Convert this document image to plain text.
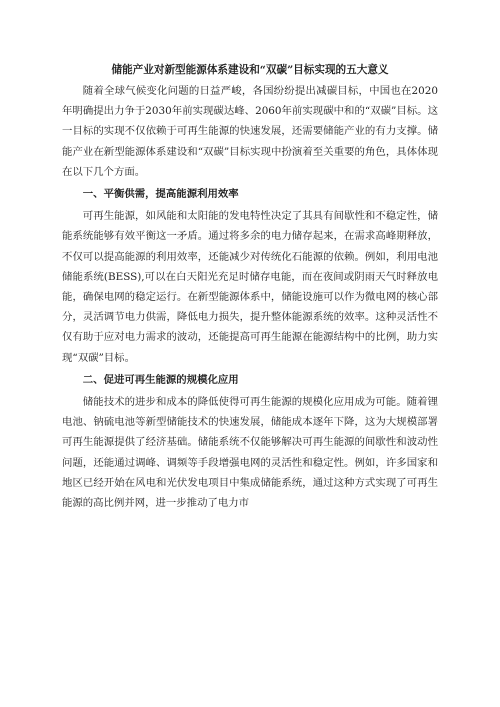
储能产业对新型能源体系建设和“双碳”目标实现的五大意义

随着全球气候变化问题的日益严峻，各国纷纷提出减碳目标，中国也在2020年明确提出力争于2030年前实现碳达峰、2060年前实现碳中和的“双碳”目标。这一目标的实现不仅依赖于可再生能源的快速发展，还需要储能产业的有力支撑。储能产业在新型能源体系建设和“双碳”目标实现中扮演着至关重要的角色，具体体现在以下几个方面。

一、平衡供需，提高能源利用效率

可再生能源，如风能和太阳能的发电特性决定了其具有间歇性和不稳定性，储能系统能够有效平衡这一矛盾。通过将多余的电力储存起来，在需求高峰期释放，不仅可以提高能源的利用效率，还能减少对传统化石能源的依赖。例如，利用电池储能系统(BESS),可以在白天阳光充足时储存电能，而在夜间或阴雨天气时释放电能，确保电网的稳定运行。在新型能源体系中，储能设施可以作为微电网的核心部分，灵活调节电力供需，降低电力损失，提升整体能源系统的效率。这种灵活性不仅有助于应对电力需求的波动，还能提高可再生能源在能源结构中的比例，助力实现“双碳”目标。

二、促进可再生能源的规模化应用

储能技术的进步和成本的降低使得可再生能源的规模化应用成为可能。随着锂电池、钠硫电池等新型储能技术的快速发展，储能成本逐年下降，这为大规模部署可再生能源提供了经济基础。储能系统不仅能够解决可再生能源的间歇性和波动性问题，还能通过调峰、调频等手段增强电网的灵活性和稳定性。例如，许多国家和地区已经开始在风电和光伏发电项目中集成储能系统，通过这种方式实现了可再生能源的高比例并网，进一步推动了电力市
